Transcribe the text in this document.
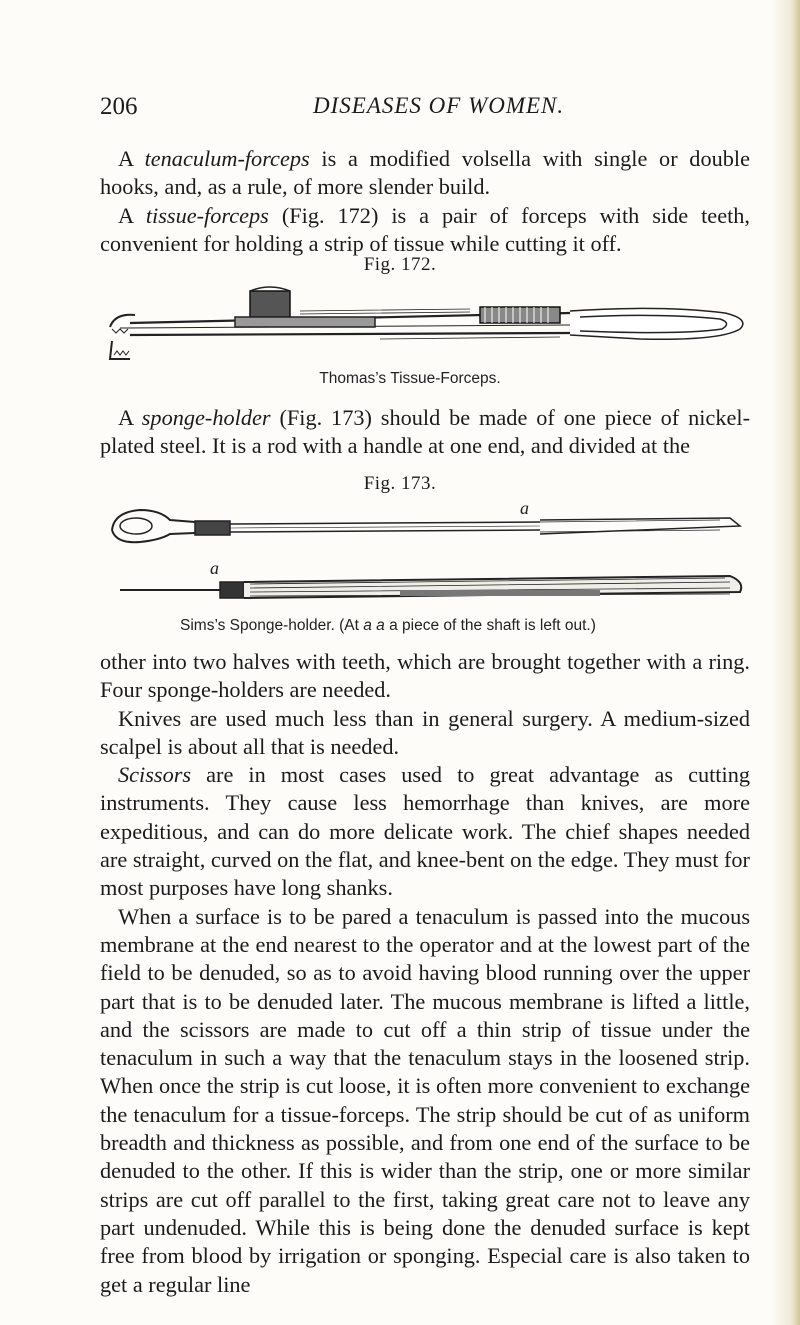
206	DISEASES OF WOMEN.

A tenaculum-forceps is a modified volsella with single or double hooks, and, as a rule, of more slender build.

A tissue-forceps (Fig. 172) is a pair of forceps with side teeth, convenient for holding a strip of tissue while cutting it off.

Fig. 172.
Thomas’s Tissue-Forceps.

A sponge-holder (Fig. 173) should be made of one piece of nickel-plated steel. It is a rod with a handle at one end, and divided at the

Fig. 173.
a
a
Sims’s Sponge-holder. (At a a a piece of the shaft is left out.)

other into two halves with teeth, which are brought together with a ring. Four sponge-holders are needed.

Knives are used much less than in general surgery. A medium-sized scalpel is about all that is needed.

Scissors are in most cases used to great advantage as cutting instruments. They cause less hemorrhage than knives, are more expeditious, and can do more delicate work. The chief shapes needed are straight, curved on the flat, and knee-bent on the edge. They must for most purposes have long shanks.

When a surface is to be pared a tenaculum is passed into the mucous membrane at the end nearest to the operator and at the lowest part of the field to be denuded, so as to avoid having blood running over the upper part that is to be denuded later. The mucous membrane is lifted a little, and the scissors are made to cut off a thin strip of tissue under the tenaculum in such a way that the tenaculum stays in the loosened strip. When once the strip is cut loose, it is often more convenient to exchange the tenaculum for a tissue-forceps. The strip should be cut of as uniform breadth and thickness as possible, and from one end of the surface to be denuded to the other. If this is wider than the strip, one or more similar strips are cut off parallel to the first, taking great care not to leave any part undenuded. While this is being done the denuded surface is kept free from blood by irrigation or sponging. Especial care is also taken to get a regular line
